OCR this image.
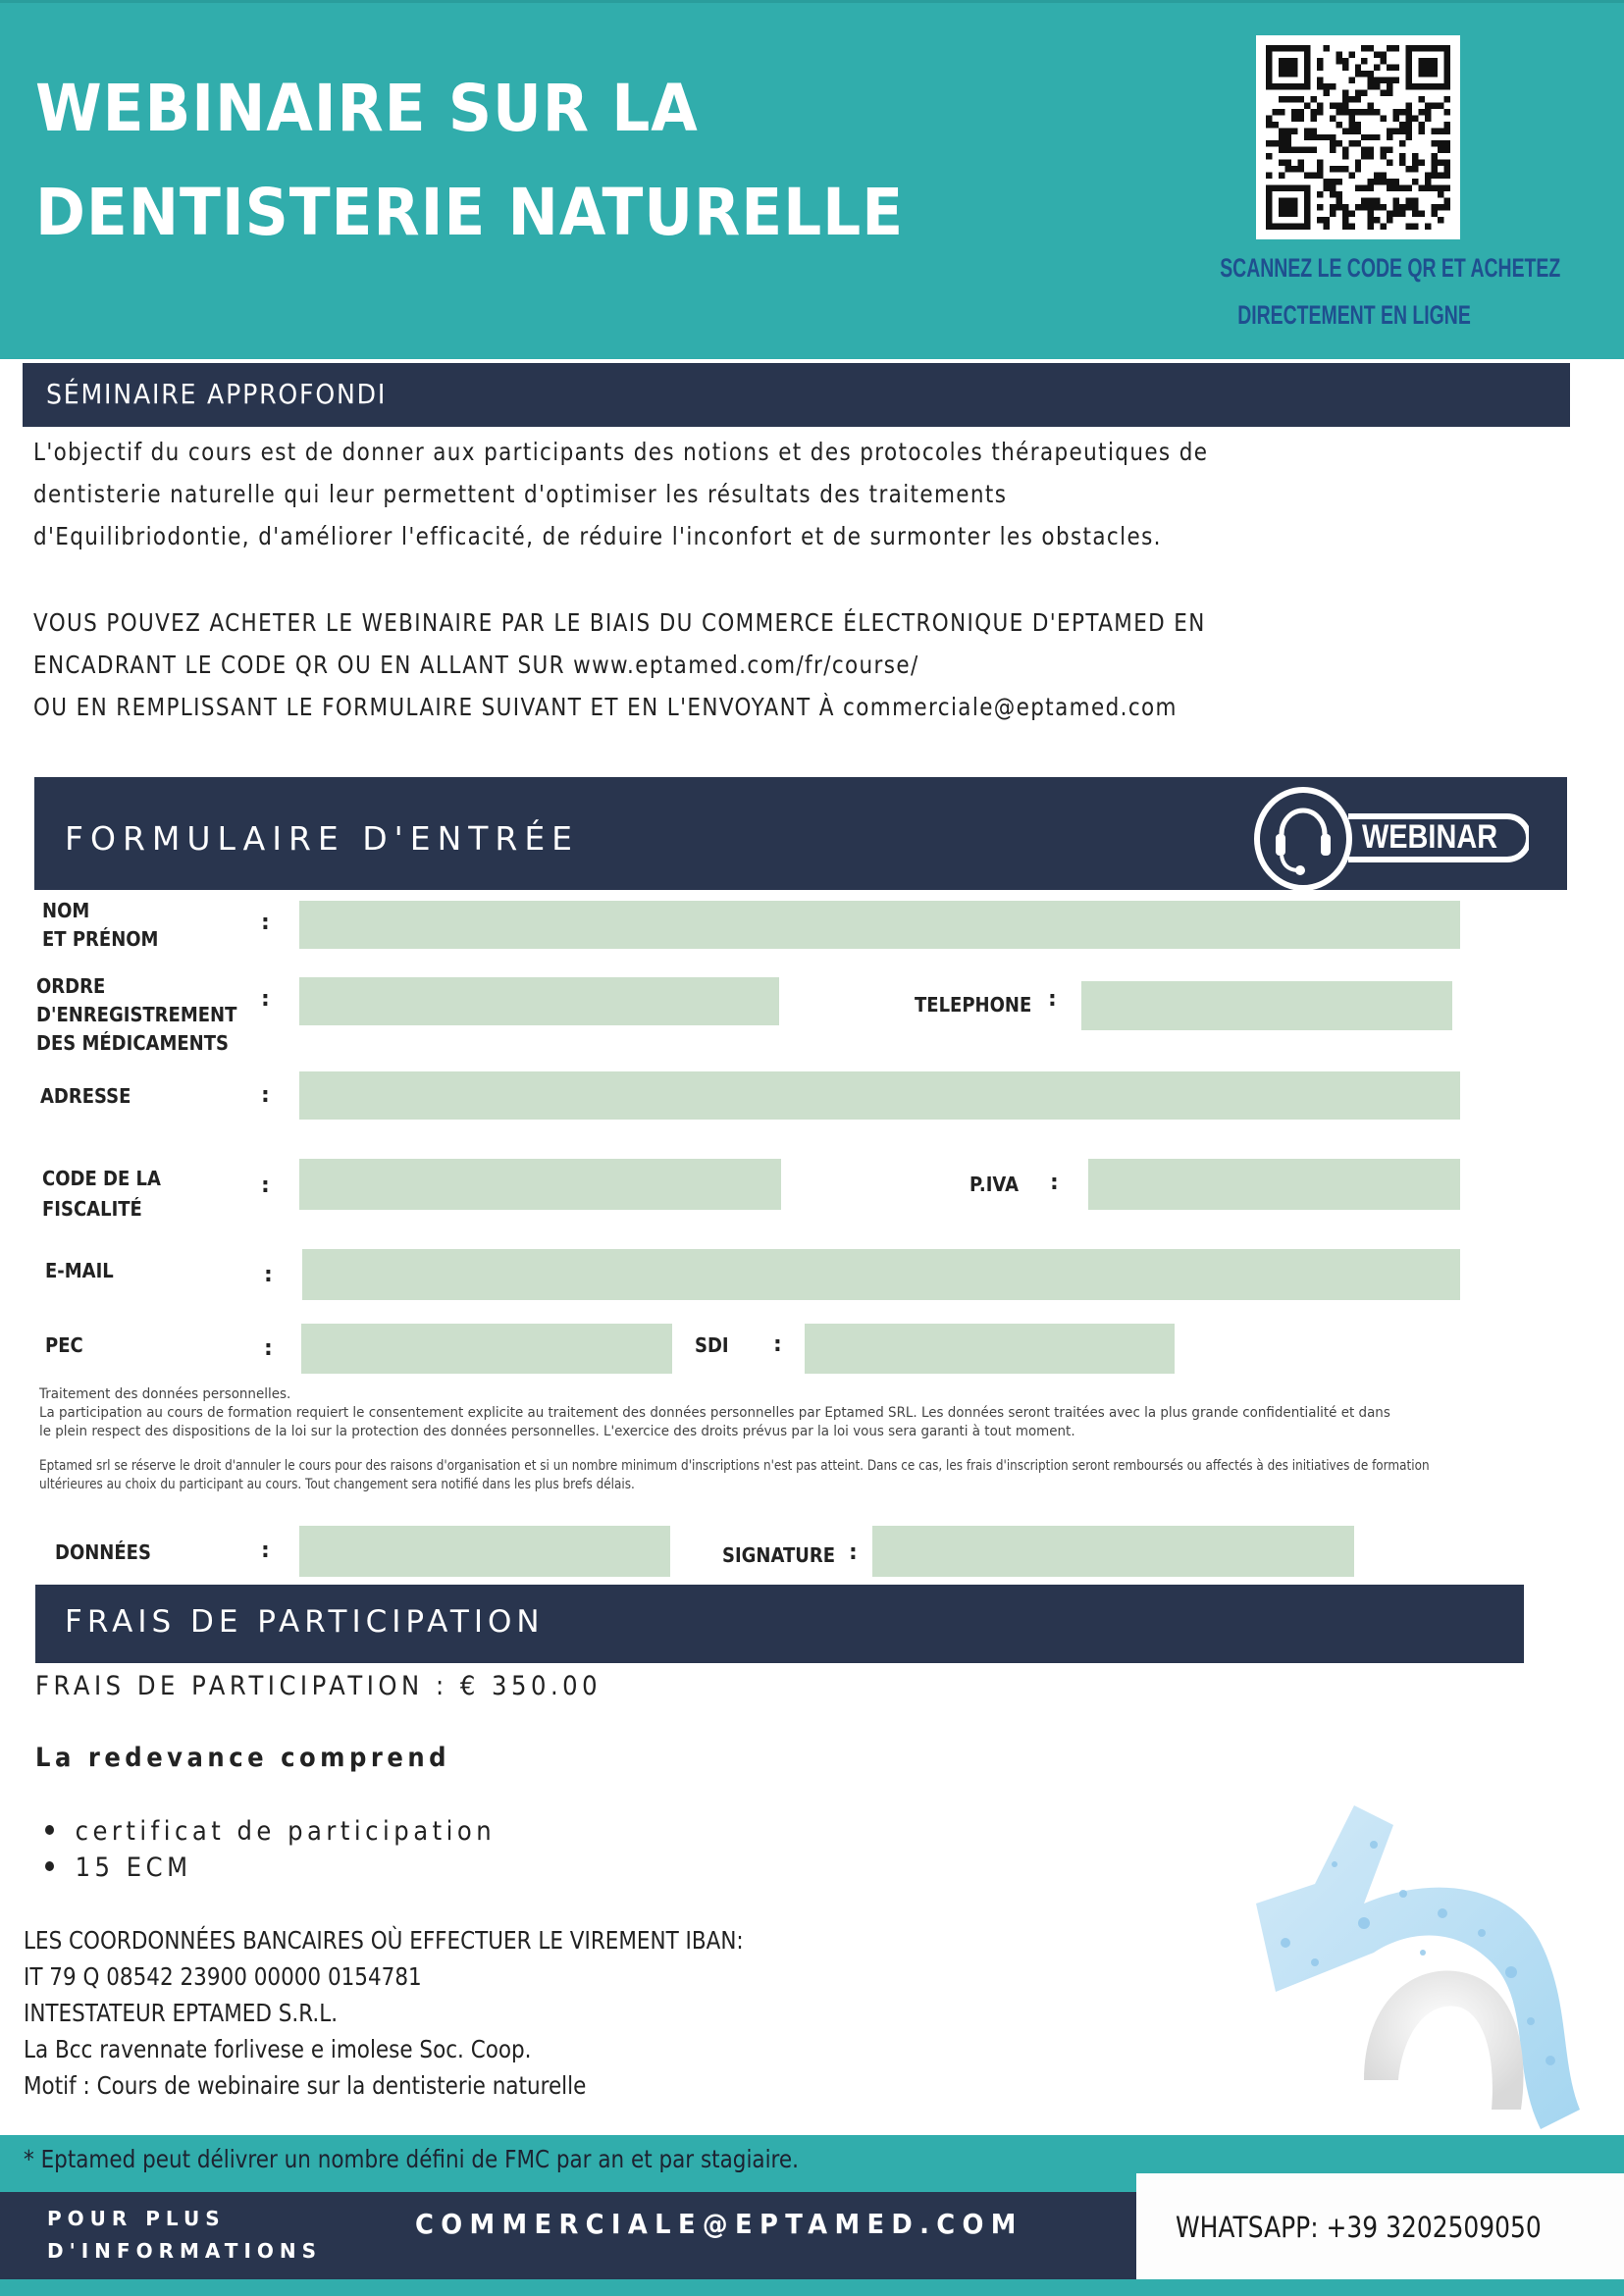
WEBINAIRE SUR LA
DENTISTERIE NATURELLE
SCANNEZ LE CODE QR ET ACHETEZ
DIRECTEMENT EN LIGNE
SÉMINAIRE APPROFONDI
L'objectif du cours est de donner aux participants des notions et des protocoles thérapeutiques de
dentisterie naturelle qui leur permettent d'optimiser les résultats des traitements
d'Equilibriodontie, d'améliorer l'efficacité, de réduire l'inconfort et de surmonter les obstacles.
VOUS POUVEZ ACHETER LE WEBINAIRE PAR LE BIAIS DU COMMERCE ÉLECTRONIQUE D'EPTAMED EN
ENCADRANT LE CODE QR OU EN ALLANT SUR www.eptamed.com/fr/course/
OU EN REMPLISSANT LE FORMULAIRE SUIVANT ET EN L'ENVOYANT À commerciale@eptamed.com
FORMULAIRE D'ENTRÉE	WEBINAR
NOM
ET PRÉNOM
:
ORDRE
D'ENREGISTREMENT
DES MÉDICAMENTS
:	TELEPHONE :
ADRESSE	:
CODE DE LA
FISCALITÉ
:	P.IVA :
E-MAIL	:
PEC	:	SDI :
Traitement des données personnelles.
La participation au cours de formation requiert le consentement explicite au traitement des données personnelles par Eptamed SRL. Les données seront traitées avec la plus grande confidentialité et dans
le plein respect des dispositions de la loi sur la protection des données personnelles. L'exercice des droits prévus par la loi vous sera garanti à tout moment.
Eptamed srl se réserve le droit d'annuler le cours pour des raisons d'organisation et si un nombre minimum d'inscriptions n'est pas atteint. Dans ce cas, les frais d'inscription seront remboursés ou affectés à des initiatives de formation
ultérieures au choix du participant au cours. Tout changement sera notifié dans les plus brefs délais.
DONNÉES	:	SIGNATURE :
FRAIS DE PARTICIPATION
FRAIS DE PARTICIPATION : € 350.00
La redevance comprend
certificat de participation
15 ECM
LES COORDONNÉES BANCAIRES OÙ EFFECTUER LE VIREMENT IBAN:
IT 79 Q 08542 23900 00000 0154781
INTESTATEUR EPTAMED S.R.L.
La Bcc ravennate forlivese e imolese Soc. Coop.
Motif : Cours de webinaire sur la dentisterie naturelle
* Eptamed peut délivrer un nombre défini de FMC par an et par stagiaire.
POUR PLUS
D'INFORMATIONS
COMMERCIALE@EPTAMED.COM	WHATSAPP: +39 3202509050
